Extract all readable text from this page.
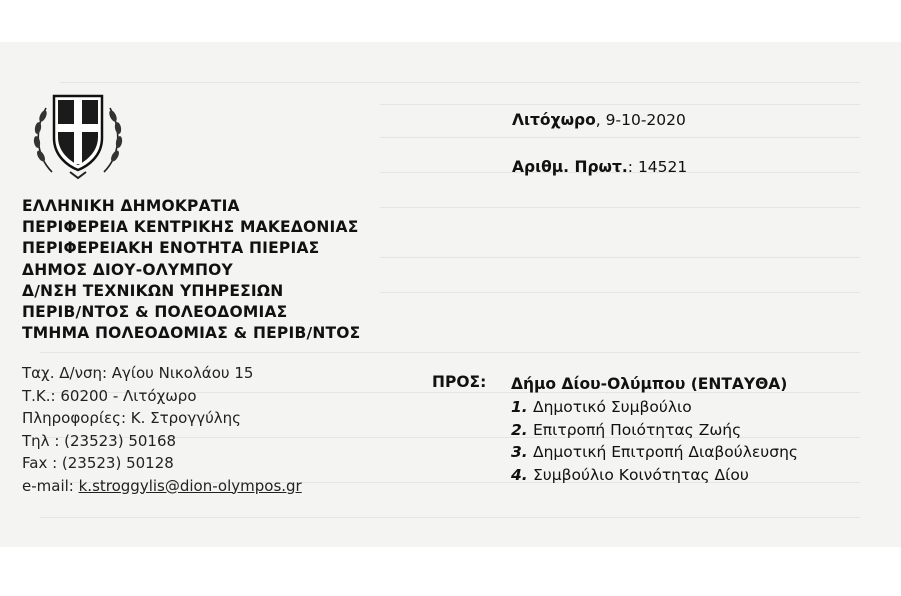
ΕΛΛΗΝΙΚΗ ΔΗΜΟΚΡΑΤΙΑ
ΠΕΡΙΦΕΡΕΙΑ ΚΕΝΤΡΙΚΗΣ ΜΑΚΕΔΟΝΙΑΣ
ΠΕΡΙΦΕΡΕΙΑΚΗ ΕΝΟΤΗΤΑ ΠΙΕΡΙΑΣ
ΔΗΜΟΣ ΔΙΟΥ-ΟΛΥΜΠΟΥ
Δ/ΝΣΗ ΤΕΧΝΙΚΩΝ ΥΠΗΡΕΣΙΩΝ
ΠΕΡΙΒ/ΝΤΟΣ & ΠΟΛΕΟΔΟΜΙΑΣ
ΤΜΗΜΑ ΠΟΛΕΟΔΟΜΙΑΣ & ΠΕΡΙΒ/ΝΤΟΣ
Ταχ. Δ/νση: Αγίου Νικολάου 15
Τ.Κ.: 60200 - Λιτόχωρο
Πληροφορίες: Κ. Στρογγύλης
Τηλ : (23523) 50168
Fax : (23523) 50128
e-mail: k.stroggylis@dion-olympos.gr
Λιτόχωρο, 9-10-2020
Αριθμ. Πρωτ.: 14521
ΠΡΟΣ: Δήμο Δίου-Ολύμπου (ΕΝΤΑΥΘΑ)
1. Δημοτικό Συμβούλιο
2. Επιτροπή Ποιότητας Ζωής
3. Δημοτική Επιτροπή Διαβούλευσης
4. Συμβούλιο Κοινότητας Δίου
